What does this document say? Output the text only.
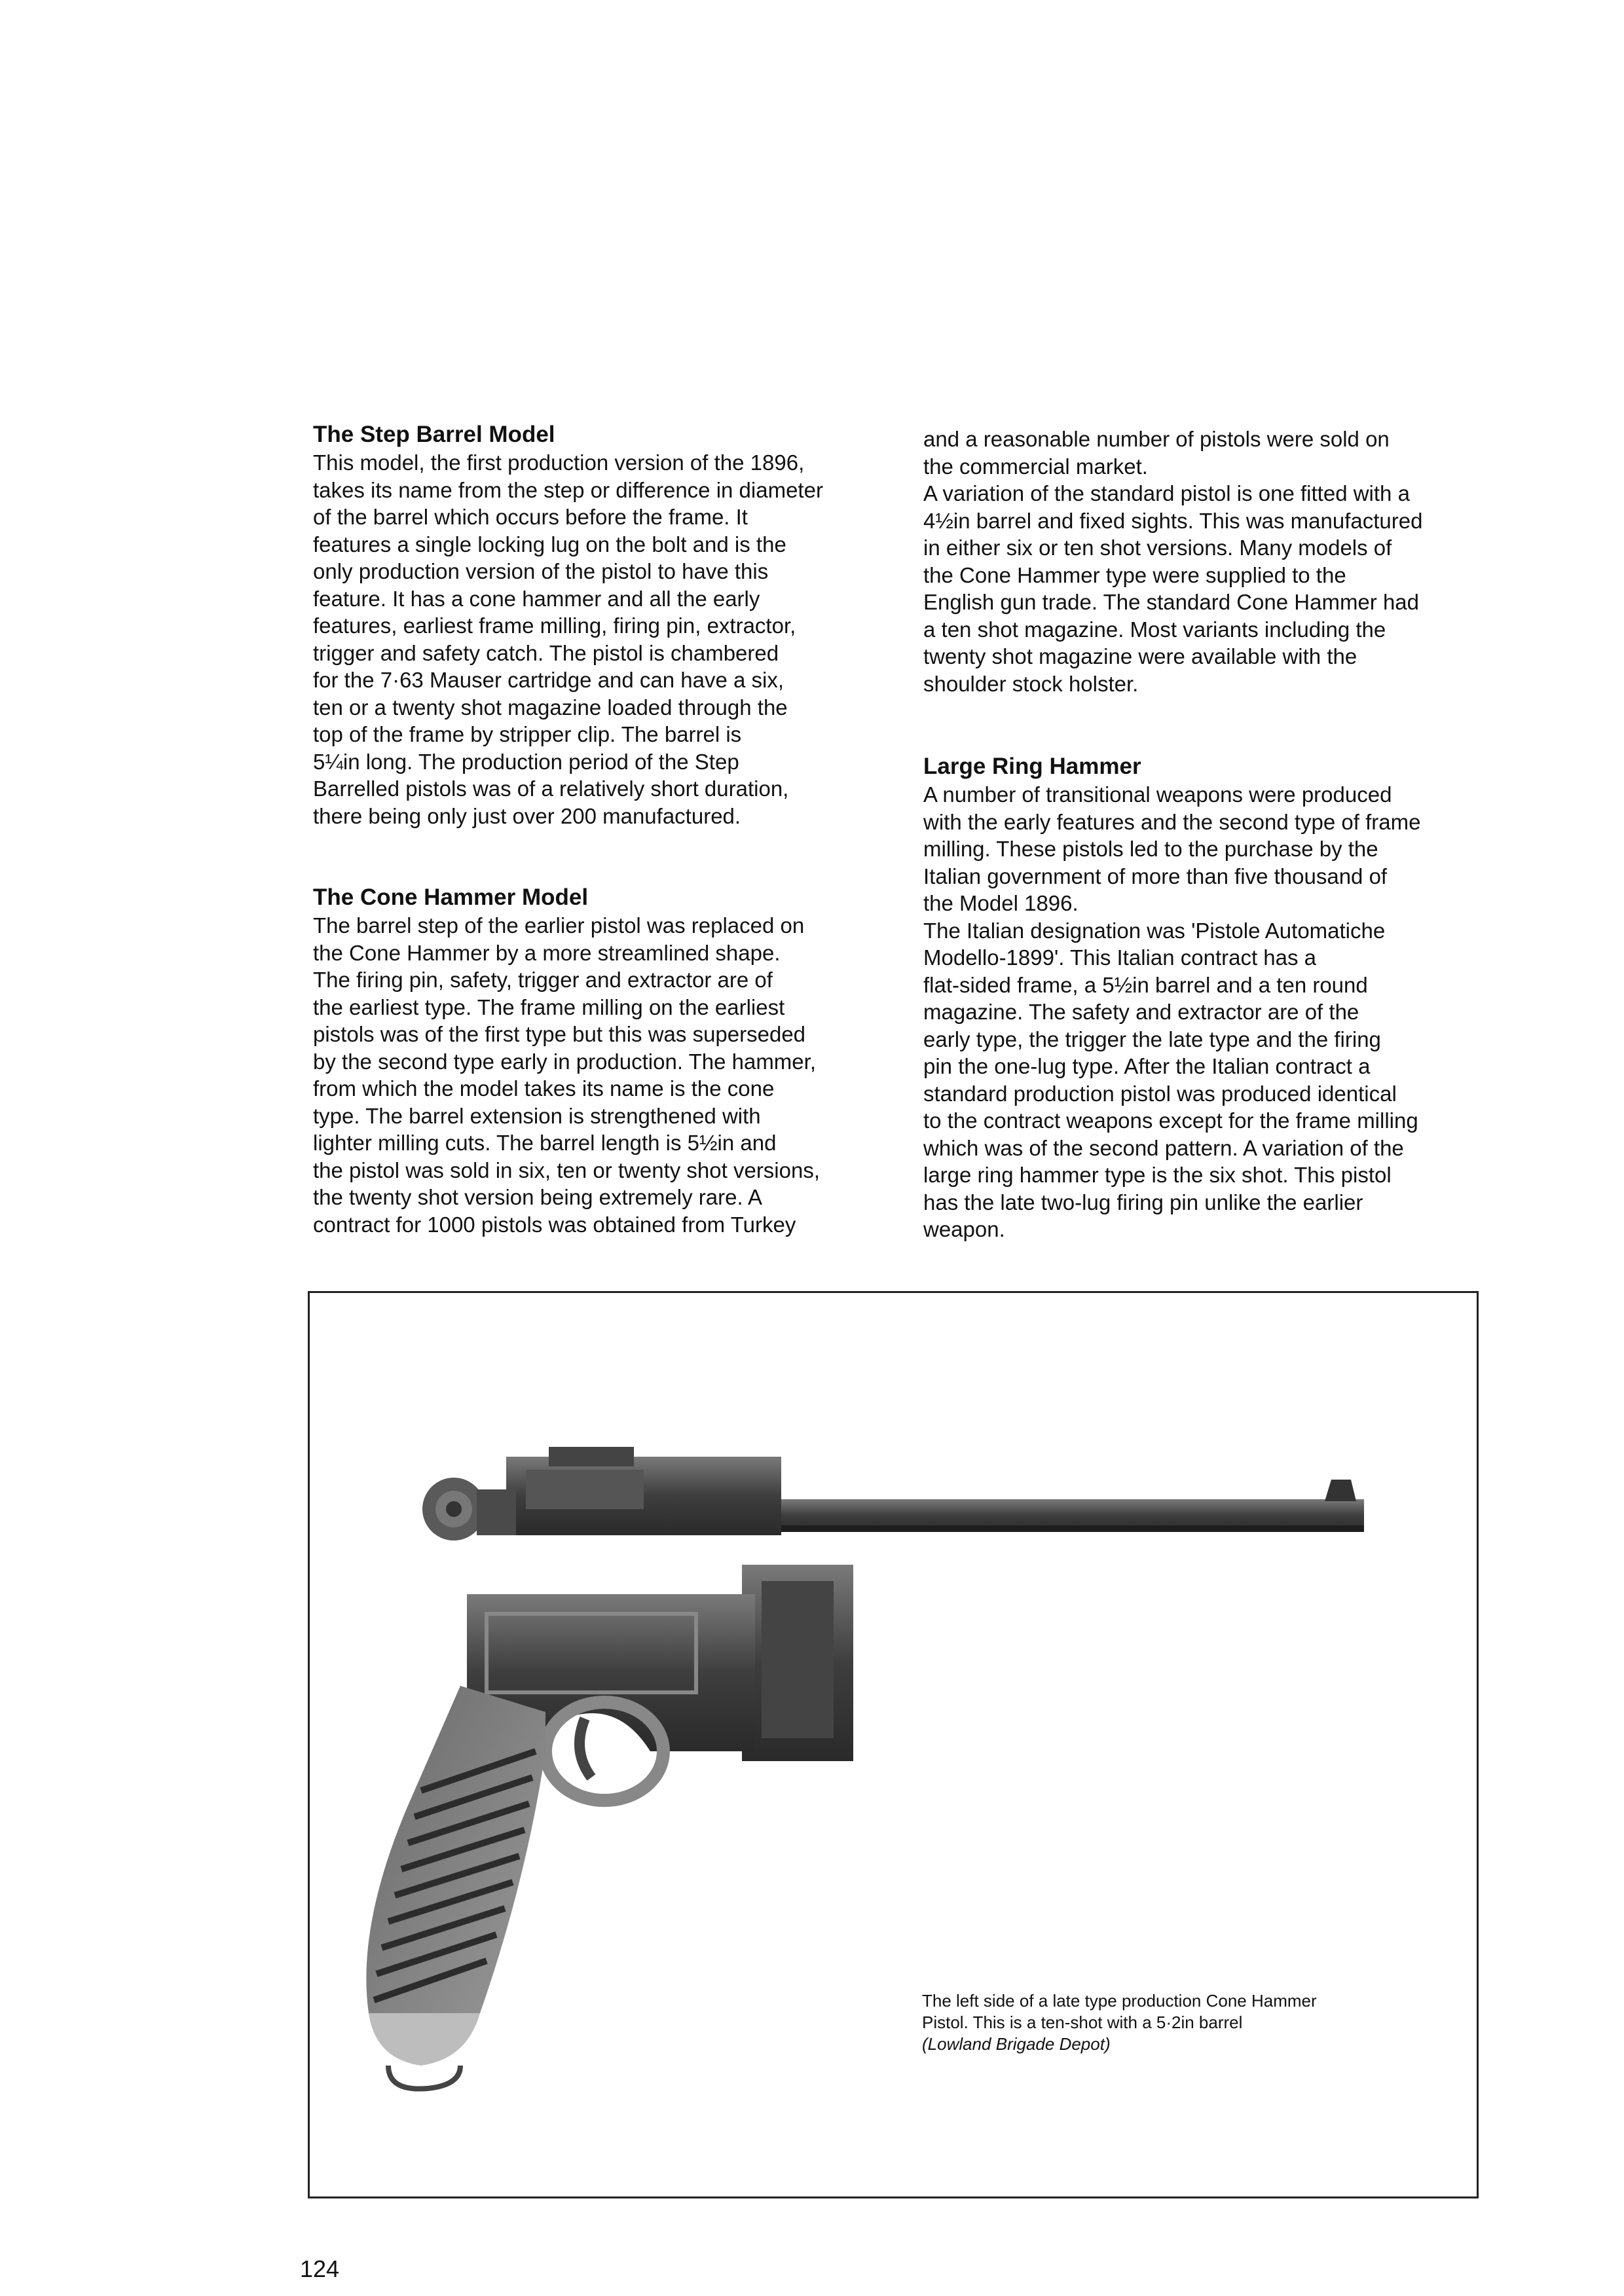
The Step Barrel Model

This model, the first production version of the 1896,
takes its name from the step or difference in diameter
of the barrel which occurs before the frame. It
features a single locking lug on the bolt and is the
only production version of the pistol to have this
feature. It has a cone hammer and all the early
features, earliest frame milling, firing pin, extractor,
trigger and safety catch. The pistol is chambered
for the 7·63 Mauser cartridge and can have a six,
ten or a twenty shot magazine loaded through the
top of the frame by stripper clip. The barrel is
5¼in long. The production period of the Step
Barrelled pistols was of a relatively short duration,
there being only just over 200 manufactured.

The Cone Hammer Model

The barrel step of the earlier pistol was replaced on
the Cone Hammer by a more streamlined shape.
The firing pin, safety, trigger and extractor are of
the earliest type. The frame milling on the earliest
pistols was of the first type but this was superseded
by the second type early in production. The hammer,
from which the model takes its name is the cone
type. The barrel extension is strengthened with
lighter milling cuts. The barrel length is 5½in and
the pistol was sold in six, ten or twenty shot versions,
the twenty shot version being extremely rare. A
contract for 1000 pistols was obtained from Turkey

and a reasonable number of pistols were sold on
the commercial market.
A variation of the standard pistol is one fitted with a
4½in barrel and fixed sights. This was manufactured
in either six or ten shot versions. Many models of
the Cone Hammer type were supplied to the
English gun trade. The standard Cone Hammer had
a ten shot magazine. Most variants including the
twenty shot magazine were available with the
shoulder stock holster.

Large Ring Hammer

A number of transitional weapons were produced
with the early features and the second type of frame
milling. These pistols led to the purchase by the
Italian government of more than five thousand of
the Model 1896.
The Italian designation was 'Pistole Automatiche
Modello-1899'. This Italian contract has a
flat-sided frame, a 5½in barrel and a ten round
magazine. The safety and extractor are of the
early type, the trigger the late type and the firing
pin the one-lug type. After the Italian contract a
standard production pistol was produced identical
to the contract weapons except for the frame milling
which was of the second pattern. A variation of the
large ring hammer type is the six shot. This pistol
has the late two-lug firing pin unlike the earlier
weapon.

The left side of a late type production Cone Hammer
Pistol. This is a ten-shot with a 5·2in barrel
(Lowland Brigade Depot)
124
